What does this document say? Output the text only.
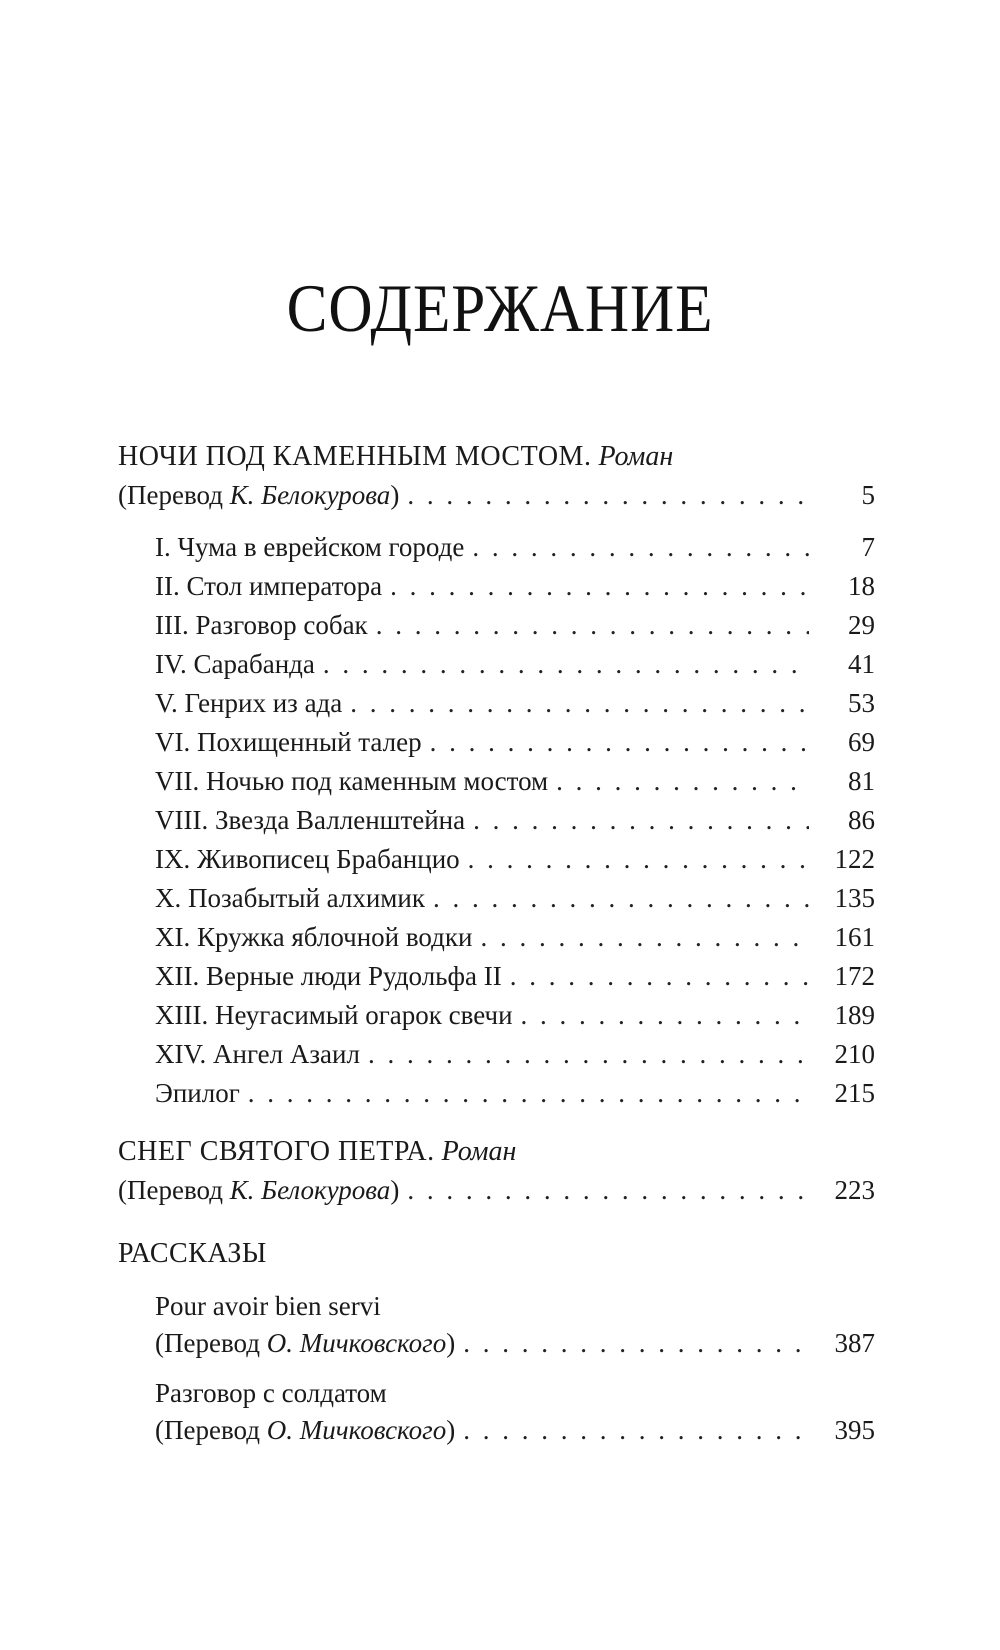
СОДЕРЖАНИЕ
НОЧИ ПОД КАМЕННЫМ МОСТОМ. Роман
(Перевод К. Белокурова) . . .	5
I. Чума в еврейском городе . . .	7
II. Стол императора . . .	18
III. Разговор собак . . .	29
IV. Сарабанда . . .	41
V. Генрих из ада . . .	53
VI. Похищенный талер . . .	69
VII. Ночью под каменным мостом . . .	81
VIII. Звезда Валленштейна . . .	86
IX. Живописец Брабанцио . . .	122
X. Позабытый алхимик . . .	135
XI. Кружка яблочной водки . . .	161
XII. Верные люди Рудольфа II . . .	172
XIII. Неугасимый огарок свечи . . .	189
XIV. Ангел Азаил . . .	210
Эпилог . . .	215
СНЕГ СВЯТОГО ПЕТРА. Роман
(Перевод К. Белокурова) . . .	223
РАССКАЗЫ
Pour avoir bien servi
(Перевод О. Мичковского) . . .	387
Разговор с солдатом
(Перевод О. Мичковского) . . .	395
